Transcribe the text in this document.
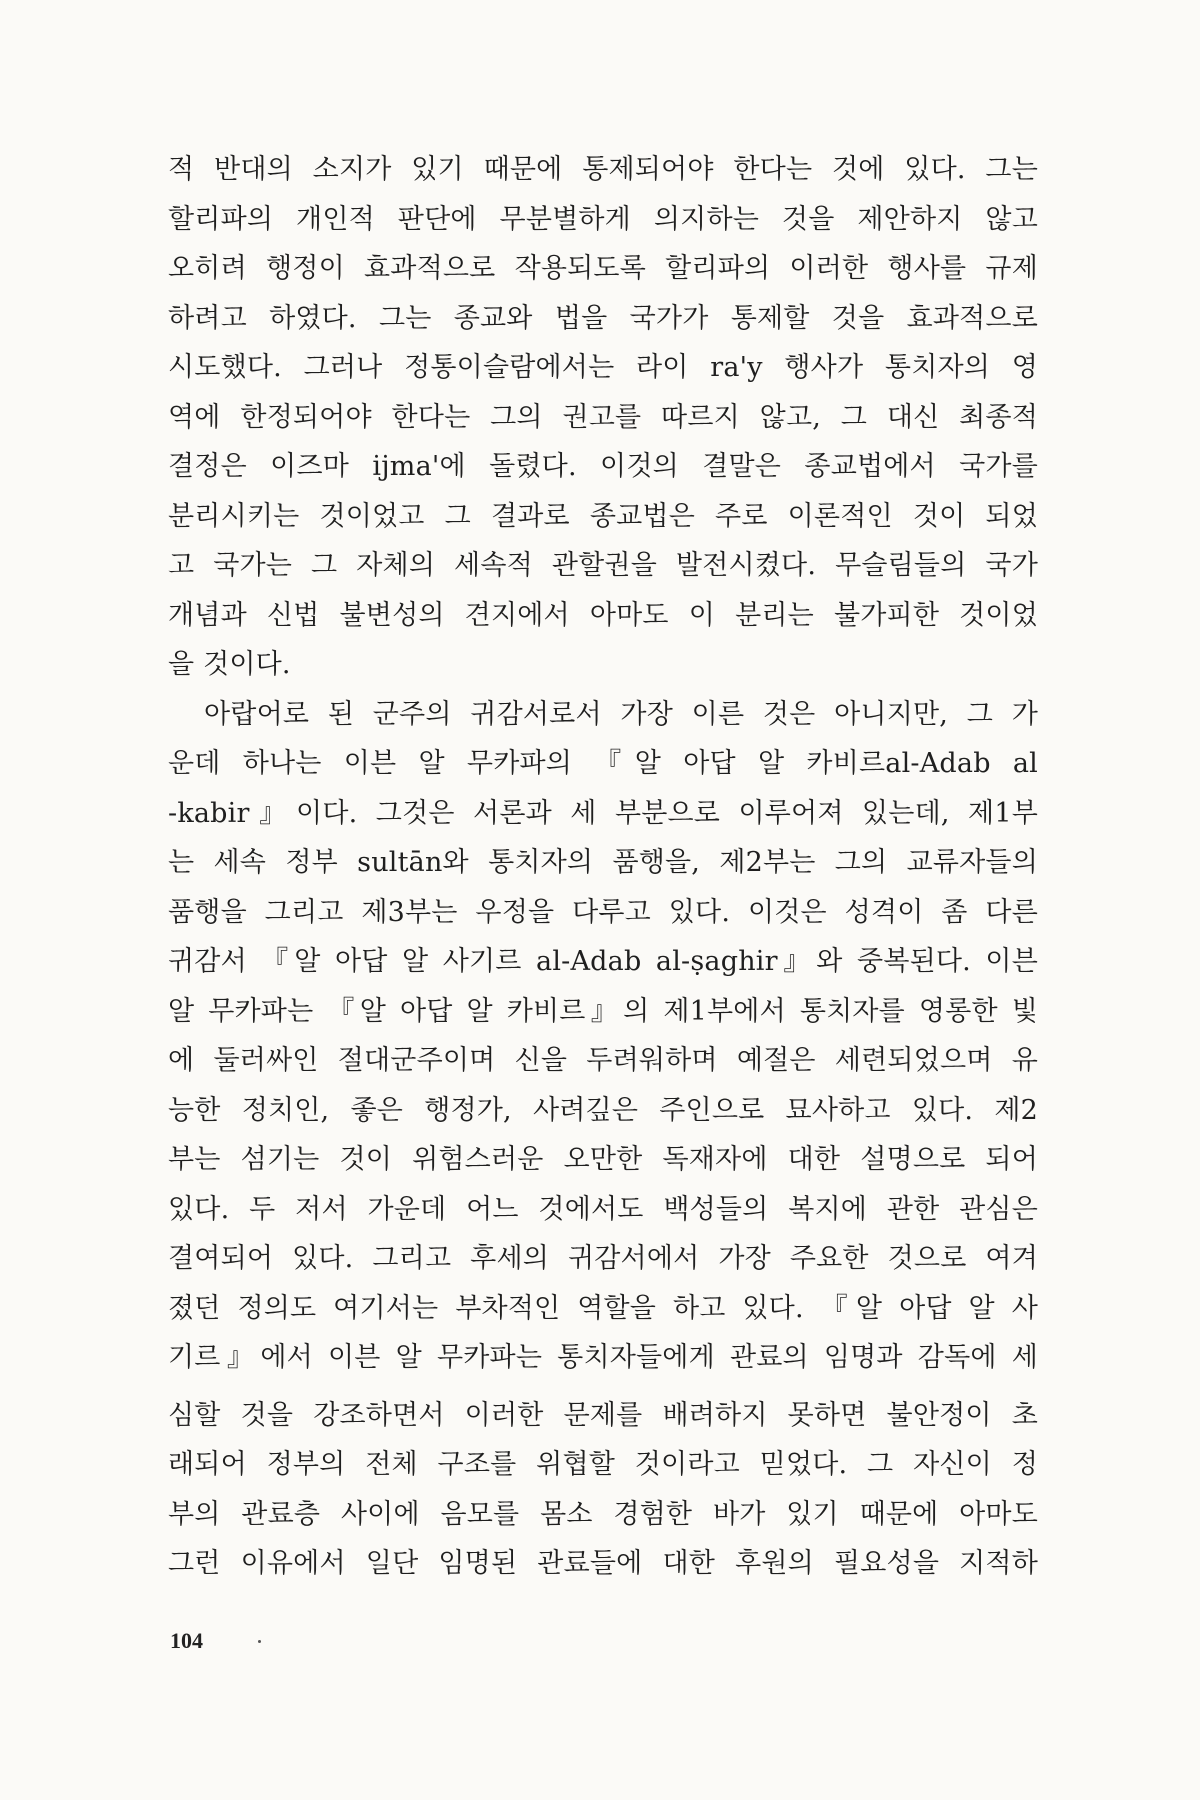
적 반대의 소지가 있기 때문에 통제되어야 한다는 것에 있다. 그는
할리파의 개인적 판단에 무분별하게 의지하는 것을 제안하지 않고
오히려 행정이 효과적으로 작용되도록 할리파의 이러한 행사를 규제
하려고 하였다. 그는 종교와 법을 국가가 통제할 것을 효과적으로
시도했다. 그러나 정통이슬람에서는 라이 ra'y 행사가 통치자의 영
역에 한정되어야 한다는 그의 권고를 따르지 않고, 그 대신 최종적
결정은 이즈마 ijma'에 돌렸다. 이것의 결말은 종교법에서 국가를
분리시키는 것이었고 그 결과로 종교법은 주로 이론적인 것이 되었
고 국가는 그 자체의 세속적 관할권을 발전시켰다. 무슬림들의 국가
개념과 신법 불변성의 견지에서 아마도 이 분리는 불가피한 것이었
을 것이다.
아랍어로 된 군주의 귀감서로서 가장 이른 것은 아니지만, 그 가
운데 하나는 이븐 알 무카파의 『알 아답 알 카비르al-Adab al
-kabir』이다. 그것은 서론과 세 부분으로 이루어져 있는데, 제1부
는 세속 정부 sultān와 통치자의 품행을, 제2부는 그의 교류자들의
품행을 그리고 제3부는 우정을 다루고 있다. 이것은 성격이 좀 다른
귀감서 『알 아답 알 사기르 al-Adab al-ṣaghir』와 중복된다. 이븐
알 무카파는 『알 아답 알 카비르』의 제1부에서 통치자를 영롱한 빛
에 둘러싸인 절대군주이며 신을 두려워하며 예절은 세련되었으며 유
능한 정치인, 좋은 행정가, 사려깊은 주인으로 묘사하고 있다. 제2
부는 섬기는 것이 위험스러운 오만한 독재자에 대한 설명으로 되어
있다. 두 저서 가운데 어느 것에서도 백성들의 복지에 관한 관심은
결여되어 있다. 그리고 후세의 귀감서에서 가장 주요한 것으로 여겨
졌던 정의도 여기서는 부차적인 역할을 하고 있다. 『알 아답 알 사
기르』에서 이븐 알 무카파는 통치자들에게 관료의 임명과 감독에 세
심할 것을 강조하면서 이러한 문제를 배려하지 못하면 불안정이 초
래되어 정부의 전체 구조를 위협할 것이라고 믿었다. 그 자신이 정
부의 관료층 사이에 음모를 몸소 경험한 바가 있기 때문에 아마도
그런 이유에서 일단 임명된 관료들에 대한 후원의 필요성을 지적하
104
